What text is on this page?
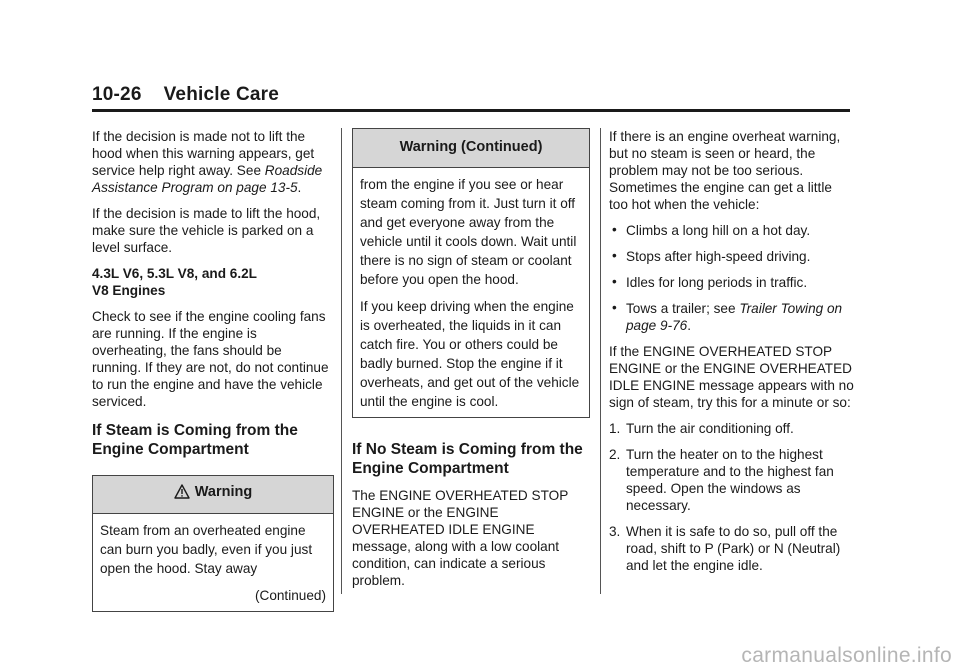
10-26 Vehicle Care

If the decision is made not to lift the hood when this warning appears, get service help right away. See Roadside Assistance Program on page 13-5.

If the decision is made to lift the hood, make sure the vehicle is parked on a level surface.

4.3L V6, 5.3L V8, and 6.2L
V8 Engines

Check to see if the engine cooling fans are running. If the engine is overheating, the fans should be running. If they are not, do not continue to run the engine and have the vehicle serviced.

If Steam is Coming from the Engine Compartment

Warning

Steam from an overheated engine can burn you badly, even if you just open the hood. Stay away

(Continued)
Warning (Continued)

from the engine if you see or hear steam coming from it. Just turn it off and get everyone away from the vehicle until it cools down. Wait until there is no sign of steam or coolant before you open the hood.

If you keep driving when the engine is overheated, the liquids in it can catch fire. You or others could be badly burned. Stop the engine if it overheats, and get out of the vehicle until the engine is cool.

If No Steam is Coming from the Engine Compartment

The ENGINE OVERHEATED STOP ENGINE or the ENGINE OVERHEATED IDLE ENGINE message, along with a low coolant condition, can indicate a serious problem.

If there is an engine overheat warning, but no steam is seen or heard, the problem may not be too serious. Sometimes the engine can get a little too hot when the vehicle:

• Climbs a long hill on a hot day.
• Stops after high-speed driving.
• Idles for long periods in traffic.
• Tows a trailer; see Trailer Towing on page 9-76.

If the ENGINE OVERHEATED STOP ENGINE or the ENGINE OVERHEATED IDLE ENGINE message appears with no sign of steam, try this for a minute or so:

1. Turn the air conditioning off.
2. Turn the heater on to the highest temperature and to the highest fan speed. Open the windows as necessary.
3. When it is safe to do so, pull off the road, shift to P (Park) or N (Neutral) and let the engine idle.
carmanualsonline.info
